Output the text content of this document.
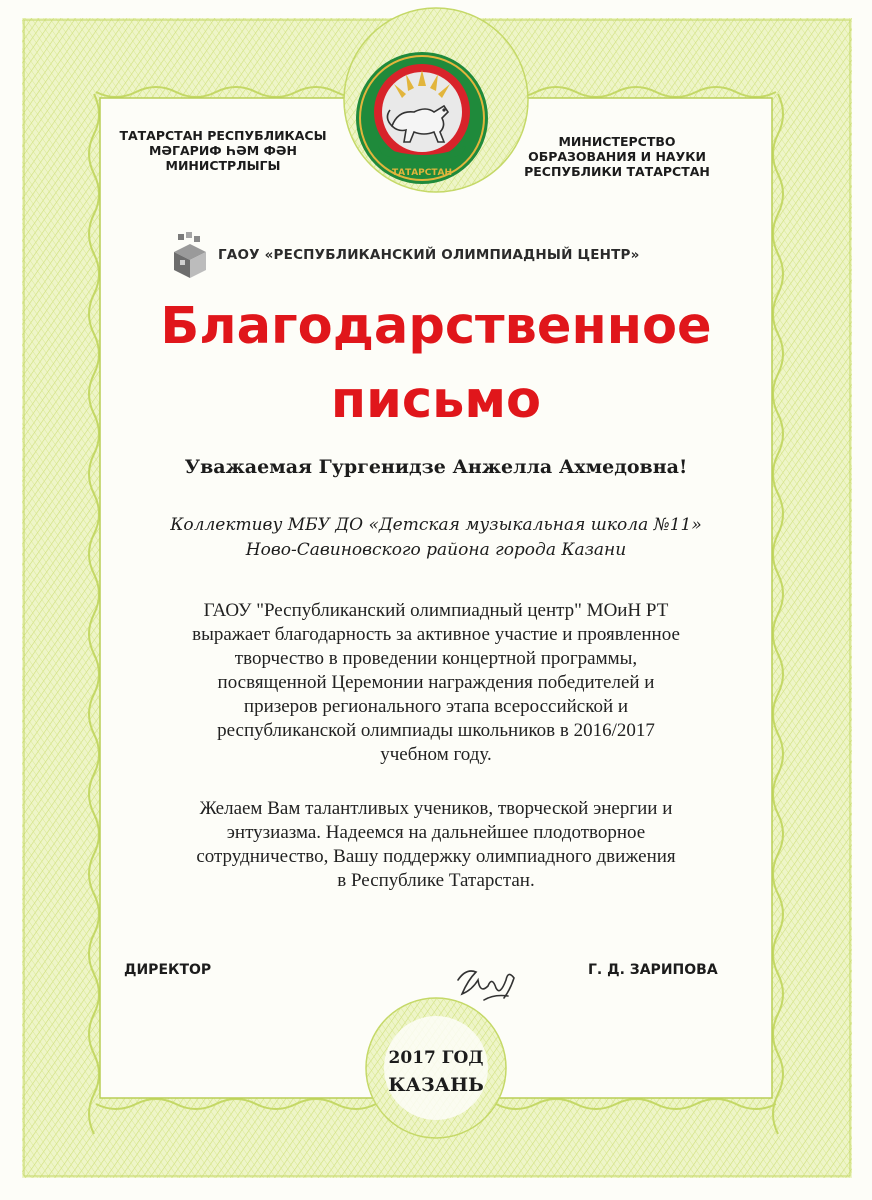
ТАТАРСТАН РЕСПУБЛИКАСЫ
МӘГАРИФ ҺӘМ ФӘН
МИНИСТРЛЫГЫ
МИНИСТЕРСТВО
ОБРАЗОВАНИЯ И НАУКИ
РЕСПУБЛИКИ ТАТАРСТАН
ТАТАРСТАН
ГАОУ «РЕСПУБЛИКАНСКИЙ ОЛИМПИАДНЫЙ ЦЕНТР»
Благодарственное
письмо
Уважаемая Гургенидзе Анжелла Ахмедовна!
Коллективу МБУ ДО «Детская музыкальная школа №11»
Ново-Савиновского района города Казани
ГАОУ "Республиканский олимпиадный центр" МОиН РТ
выражает благодарность за активное участие и проявленное
творчество в проведении концертной программы,
посвященной Церемонии награждения победителей и
призеров регионального этапа всероссийской и
республиканской олимпиады школьников в 2016/2017
учебном году.
Желаем Вам талантливых учеников, творческой энергии и
энтузиазма. Надеемся на дальнейшее плодотворное
сотрудничество, Вашу поддержку олимпиадного движения
в Республике Татарстан.
ДИРЕКТОР	Г. Д. ЗАРИПОВА
2017 ГОД
КАЗАНЬ
